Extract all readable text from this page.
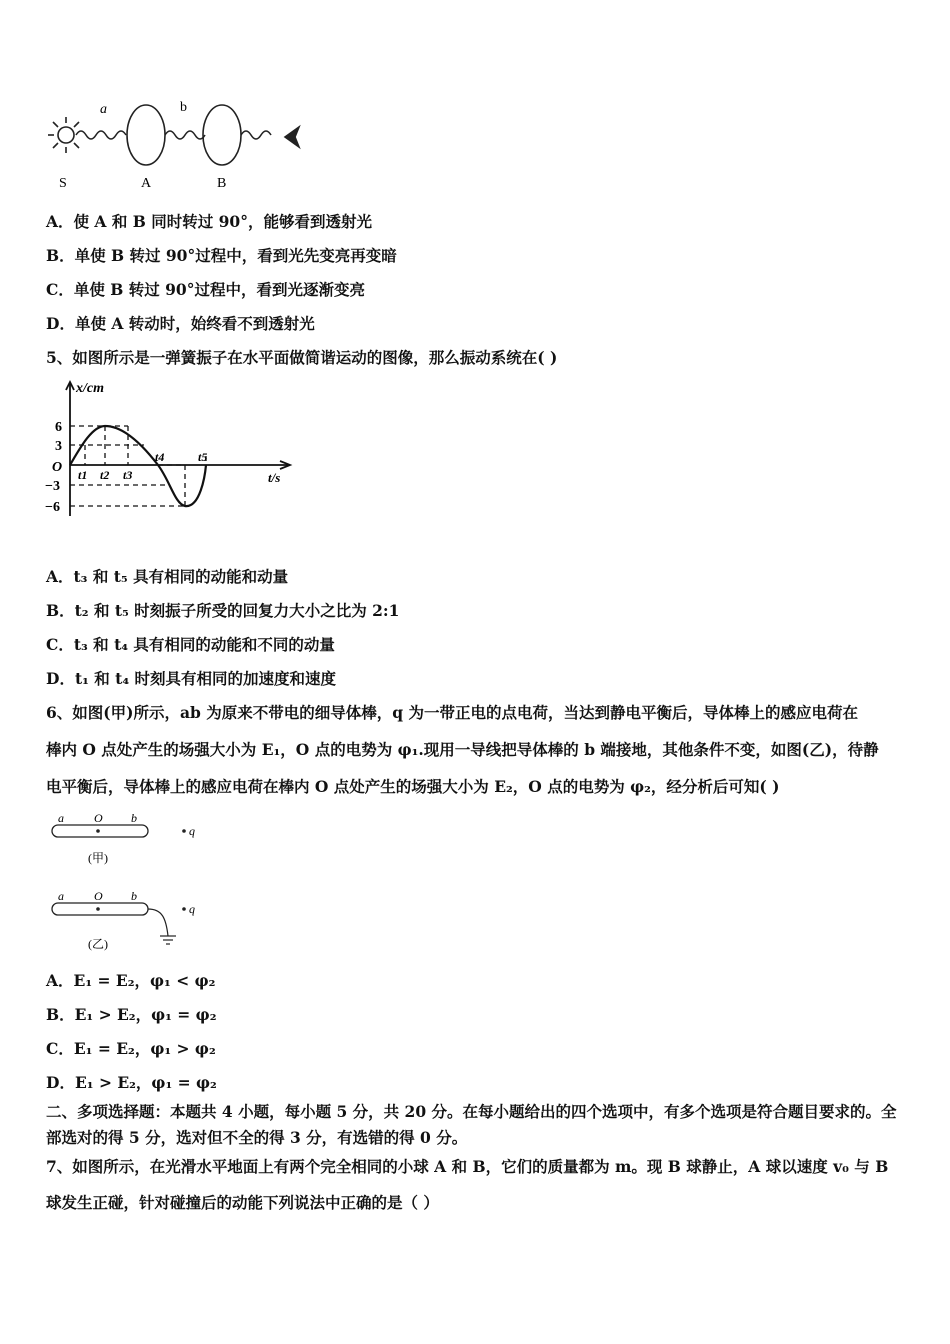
a	b
S	A	B
A．使 A 和 B 同时转过 90°，能够看到透射光
B．单使 B 转过 90°过程中，看到光先变亮再变暗
C．单使 B 转过 90°过程中，看到光逐渐变亮
D．单使 A 转动时，始终看不到透射光
5、如图所示是一弹簧振子在水平面做简谐运动的图像，那么振动系统在( )
x/cm
t/s
O
6
3
−3
−6
t1 t2 t3
t4	t5
A．t₃ 和 t₅ 具有相同的动能和动量
B．t₂ 和 t₅ 时刻振子所受的回复力大小之比为 2:1
C．t₃ 和 t₄ 具有相同的动能和不同的动量
D．t₁ 和 t₄ 时刻具有相同的加速度和速度
6、如图(甲)所示，ab 为原来不带电的细导体棒，q 为一带正电的点电荷，当达到静电平衡后，导体棒上的感应电荷在
棒内 O 点处产生的场强大小为 E₁，O 点的电势为 φ₁.现用一导线把导体棒的 b 端接地，其他条件不变，如图(乙)，待静
电平衡后，导体棒上的感应电荷在棒内 O 点处产生的场强大小为 E₂，O 点的电势为 φ₂，经分析后可知( )
a	O b
q
(甲)
a	O b
q
(乙)
A．E₁ = E₂，φ₁ < φ₂
B．E₁ > E₂，φ₁ = φ₂
C．E₁ = E₂，φ₁ > φ₂
D．E₁ > E₂，φ₁ = φ₂
二、多项选择题：本题共 4 小题，每小题 5 分，共 20 分。在每小题给出的四个选项中，有多个选项是符合题目要求的。全部选对的得 5 分，选对但不全的得 3 分，有选错的得 0 分。
7、如图所示，在光滑水平地面上有两个完全相同的小球 A 和 B，它们的质量都为 m。现 B 球静止，A 球以速度 v₀ 与 B
球发生正碰，针对碰撞后的动能下列说法中正确的是（ ）
